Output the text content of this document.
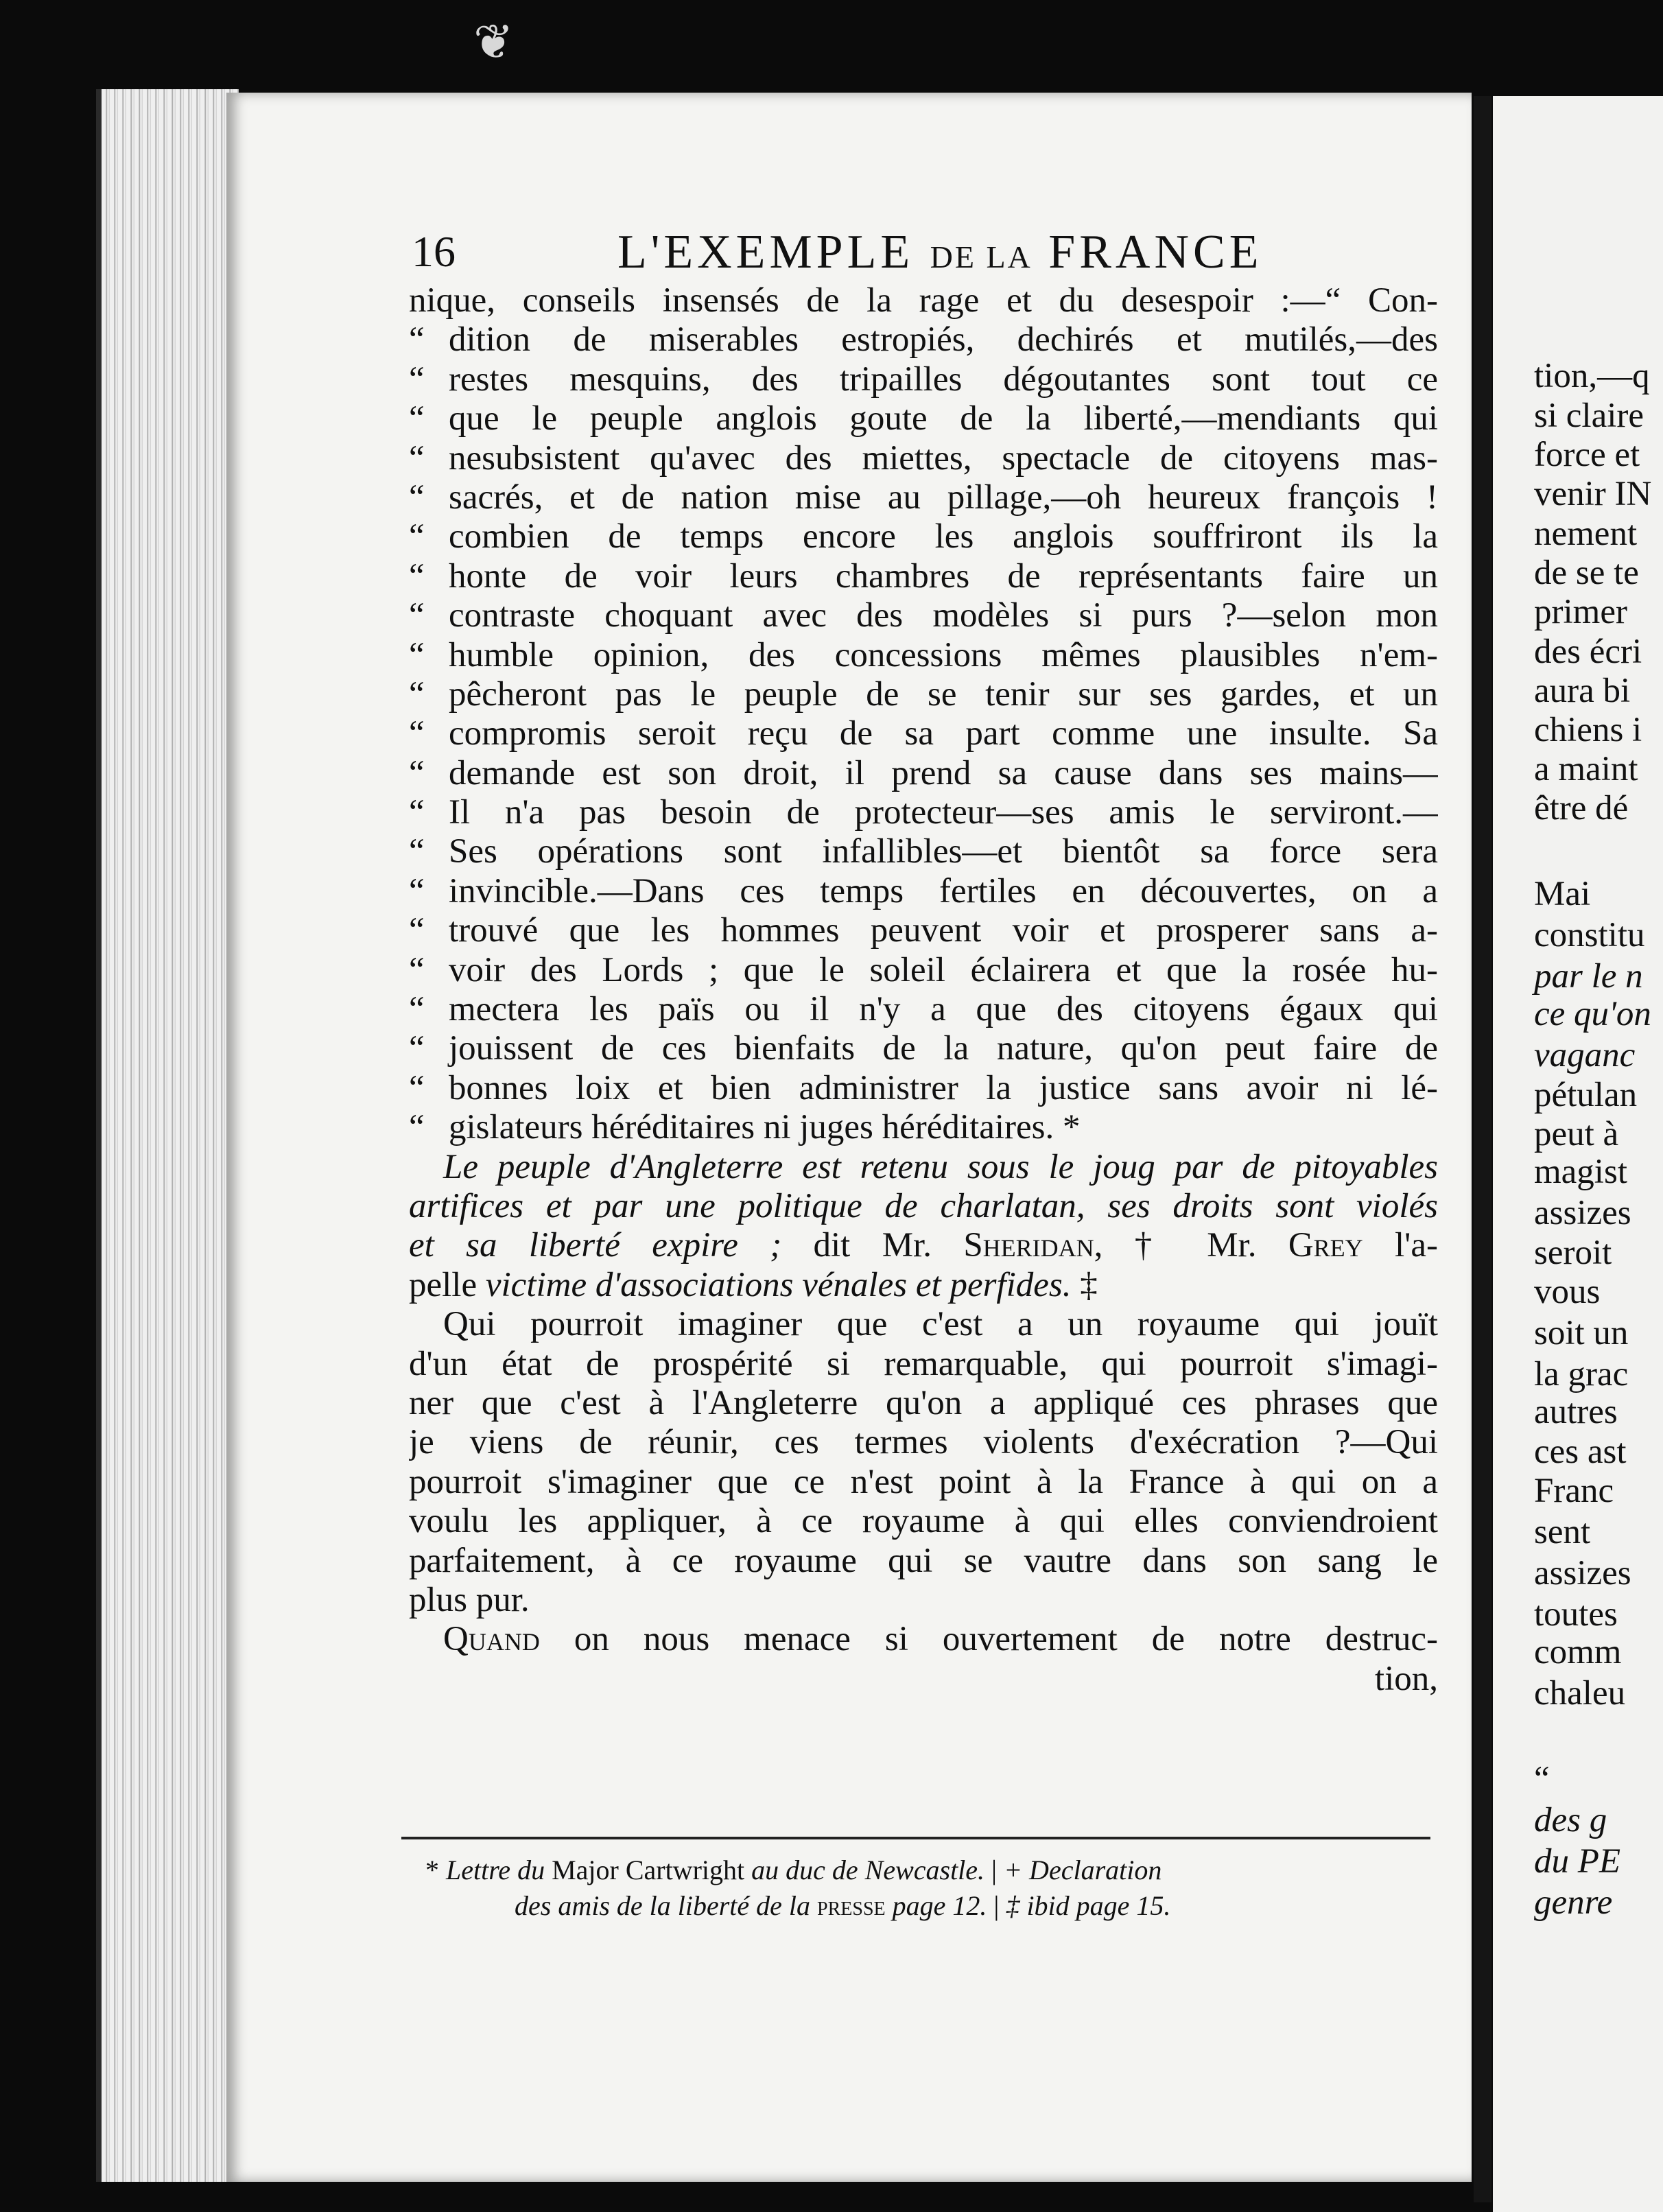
❦
16	L'EXEMPLE DE LA FRANCE
nique, conseils insensés de la rage et du desespoir :—“ Con-
“ dition de miserables estropiés, dechirés et mutilés,—des
“ restes mesquins, des tripailles dégoutantes sont tout ce
“ que le peuple anglois goute de la liberté,—mendiants qui
“ nesubsistent qu'avec des miettes, spectacle de citoyens mas-
“ sacrés, et de nation mise au pillage,—oh heureux françois !
“ combien de temps encore les anglois souffriront ils la
“ honte de voir leurs chambres de représentants faire un
“ contraste choquant avec des modèles si purs ?—selon mon
“ humble opinion, des concessions mêmes plausibles n'em-
“ pêcheront pas le peuple de se tenir sur ses gardes, et un
“ compromis seroit reçu de sa part comme une insulte. Sa
“ demande est son droit, il prend sa cause dans ses mains—
“ Il n'a pas besoin de protecteur—ses amis le serviront.—
“ Ses opérations sont infallibles—et bientôt sa force sera
“ invincible.—Dans ces temps fertiles en découvertes, on a
“ trouvé que les hommes peuvent voir et prosperer sans a-
“ voir des Lords ; que le soleil éclairera et que la rosée hu-
“ mectera les païs ou il n'y a que des citoyens égaux qui
“ jouissent de ces bienfaits de la nature, qu'on peut faire de
“ bonnes loix et bien administrer la justice sans avoir ni lé-
“ gislateurs héréditaires ni juges héréditaires. *
Le peuple d'Angleterre est retenu sous le joug par de pitoyables
artifices et par une politique de charlatan, ses droits sont violés
et sa liberté expire ; dit Mr. Sheridan, † Mr. Grey l'a-
pelle victime d'associations vénales et perfides. ‡
Qui pourroit imaginer que c'est a un royaume qui jouït
d'un état de prospérité si remarquable, qui pourroit s'imagi-
ner que c'est à l'Angleterre qu'on a appliqué ces phrases que
je viens de réunir, ces termes violents d'exécration ?—Qui
pourroit s'imaginer que ce n'est point à la France à qui on a
voulu les appliquer, à ce royaume à qui elles conviendroient
parfaitement, à ce royaume qui se vautre dans son sang le
plus pur.
Quand on nous menace si ouvertement de notre destruc-
tion,
* Lettre du Major Cartwright au duc de Newcastle. | + Declaration
des amis de la liberté de la presse page 12. | ‡ ibid page 15.
tion,—q
si claire
force et
venir IN
nement
de se te
primer
des écri
aura bi
chiens i
a maint
être dé
Mai
constitu
par le n
ce qu'on
vaganc
pétulan
peut à
magist
assizes
seroit
vous
soit un
la grac
autres
ces ast
Franc
sent
assizes
toutes
comm
chaleu
“
des g
du PE
genre
